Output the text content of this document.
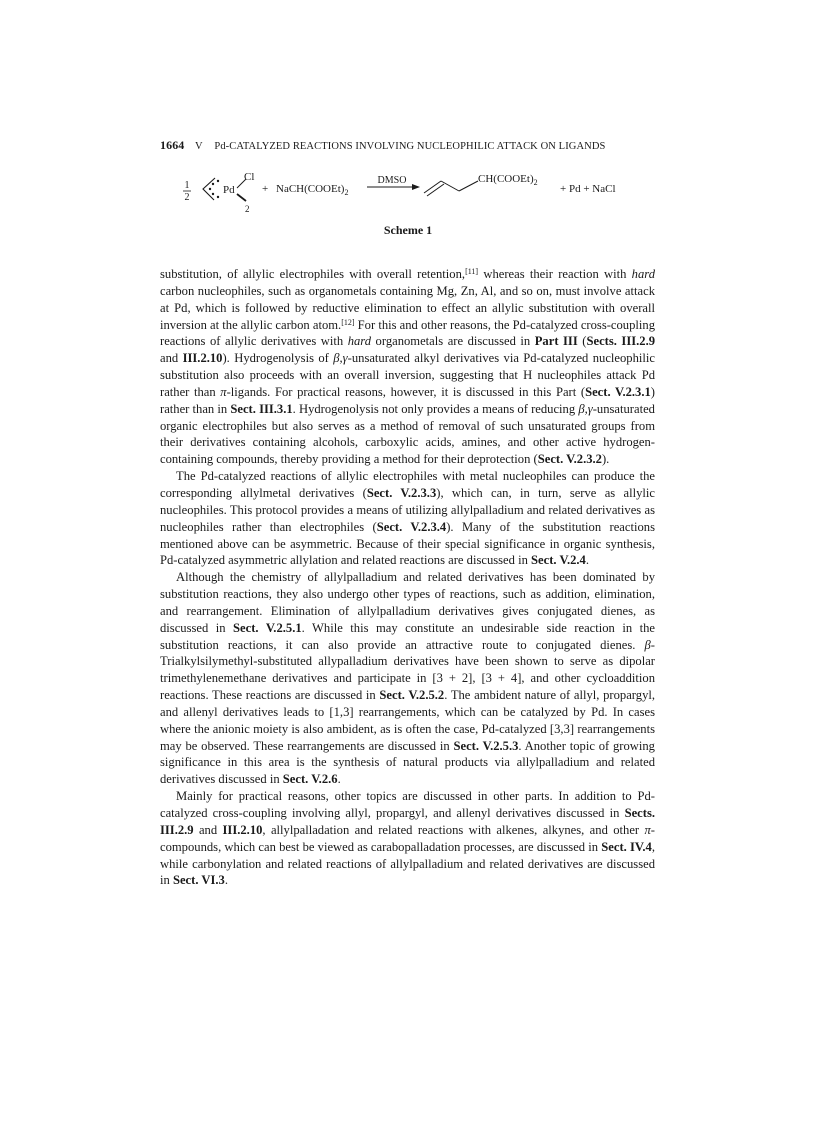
1664 V Pd-CATALYZED REACTIONS INVOLVING NUCLEOPHILIC ATTACK ON LIGANDS
1
2
Pd
Cl
2
+ $NaCH(COOEt)_2$
DMSO	$CH(COOEt)_2$
+ Pd + NaCl
Scheme 1

substitution, of allylic electrophiles with overall retention,[11] whereas their reaction with hard carbon nucleophiles, such as organometals containing Mg, Zn, Al, and so on, must involve attack at Pd, which is followed by reductive elimination to effect an allylic substitution with overall inversion at the allylic carbon atom.[12] For this and other reasons, the Pd-catalyzed cross-coupling reactions of allylic derivatives with hard organometals are discussed in Part III (Sects. III.2.9 and III.2.10). Hydrogenolysis of β,γ-unsaturated alkyl derivatives via Pd-catalyzed nucleophilic substitution also proceeds with an overall inversion, suggesting that H nucleophiles attack Pd rather than π-ligands. For practical reasons, however, it is discussed in this Part (Sect. V.2.3.1) rather than in Sect. III.3.1. Hydrogenolysis not only provides a means of reducing β,γ-unsaturated organic electrophiles but also serves as a method of removal of such unsaturated groups from their derivatives containing alcohols, carboxylic acids, amines, and other active hydrogen-containing compounds, thereby providing a method for their deprotection (Sect. V.2.3.2).

The Pd-catalyzed reactions of allylic electrophiles with metal nucleophiles can produce the corresponding allylmetal derivatives (Sect. V.2.3.3), which can, in turn, serve as allylic nucleophiles. This protocol provides a means of utilizing allylpalladium and related derivatives as nucleophiles rather than electrophiles (Sect. V.2.3.4). Many of the substitution reactions mentioned above can be asymmetric. Because of their special significance in organic synthesis, Pd-catalyzed asymmetric allylation and related reactions are discussed in Sect. V.2.4.

Although the chemistry of allylpalladium and related derivatives has been dominated by substitution reactions, they also undergo other types of reactions, such as addition, elimination, and rearrangement. Elimination of allylpalladium derivatives gives conjugated dienes, as discussed in Sect. V.2.5.1. While this may constitute an undesirable side reaction in the substitution reactions, it can also provide an attractive route to conjugated dienes. β-Trialkylsilymethyl-substituted allypalladium derivatives have been shown to serve as dipolar trimethylenemethane derivatives and participate in [3 + 2], [3 + 4], and other cycloaddition reactions. These reactions are discussed in Sect. V.2.5.2. The ambident nature of allyl, propargyl, and allenyl derivatives leads to [1,3] rearrangements, which can be catalyzed by Pd. In cases where the anionic moiety is also ambident, as is often the case, Pd-catalyzed [3,3] rearrangements may be observed. These rearrangements are discussed in Sect. V.2.5.3. Another topic of growing significance in this area is the synthesis of natural products via allylpalladium and related derivatives discussed in Sect. V.2.6.

Mainly for practical reasons, other topics are discussed in other parts. In addition to Pd-catalyzed cross-coupling involving allyl, propargyl, and allenyl derivatives discussed in Sects. III.2.9 and III.2.10, allylpalladation and related reactions with alkenes, alkynes, and other π-compounds, which can best be viewed as carabopalladation processes, are discussed in Sect. IV.4, while carbonylation and related reactions of allylpalladium and related derivatives are discussed in Sect. VI.3.
